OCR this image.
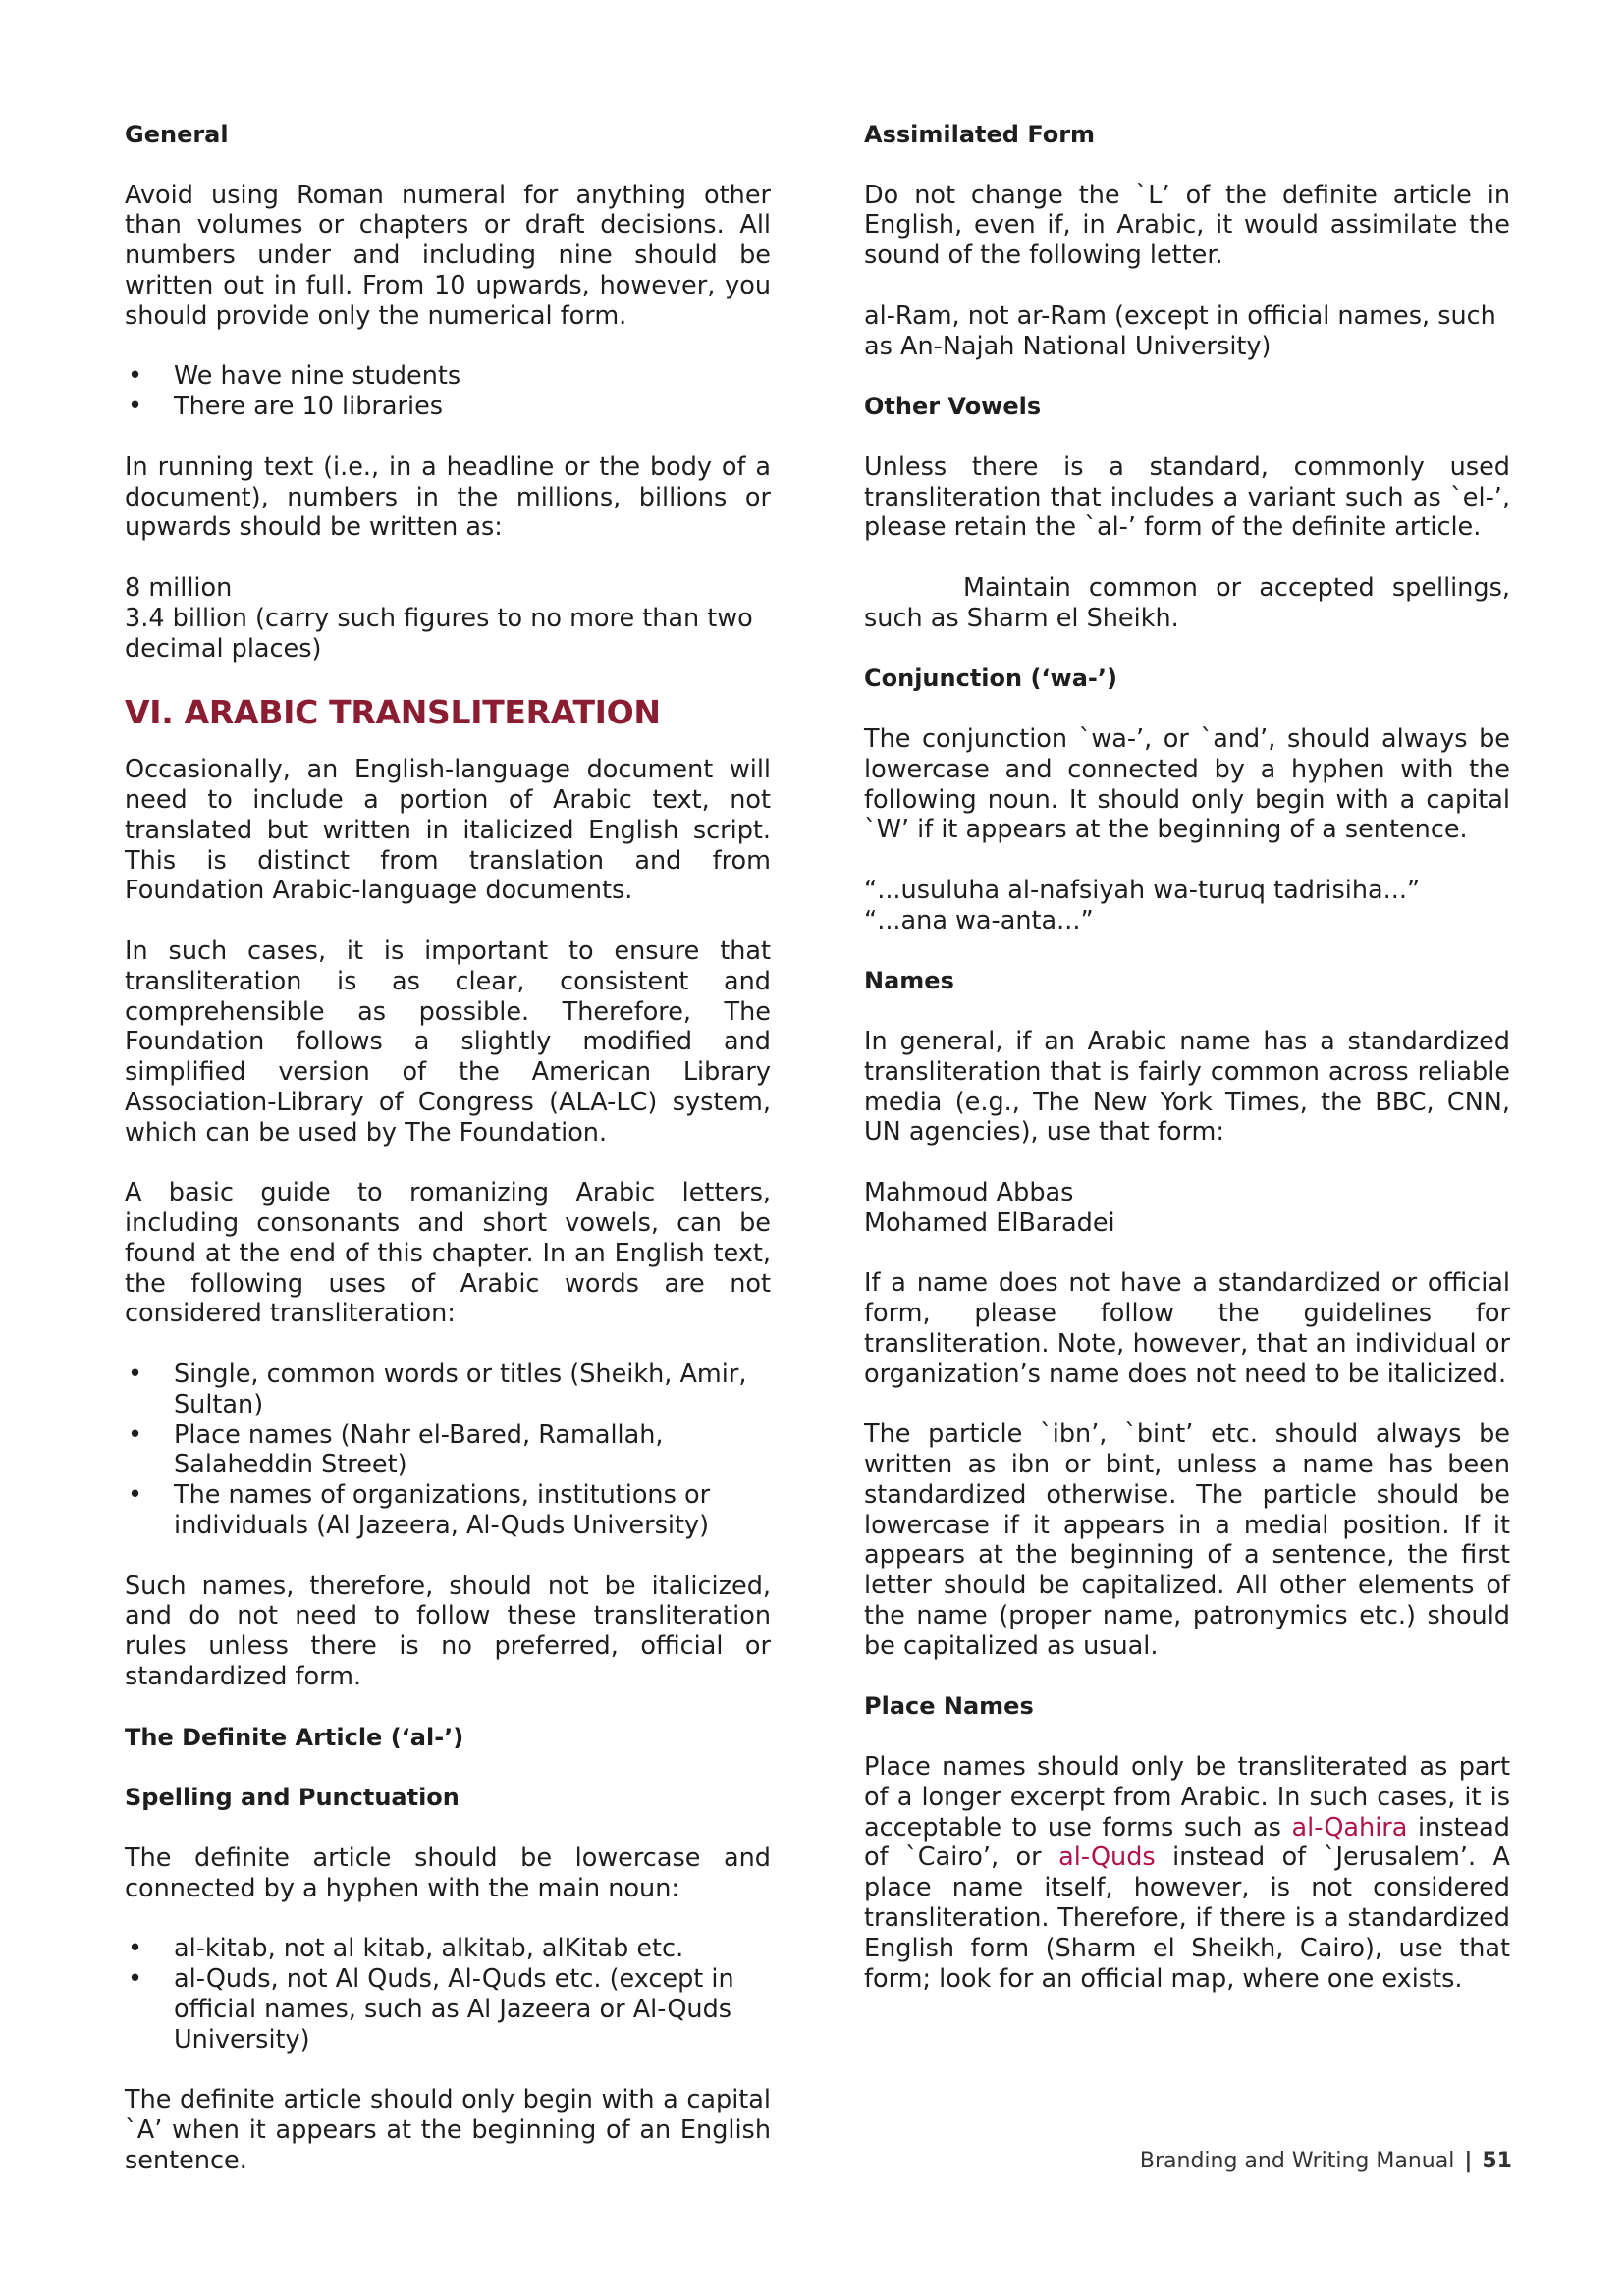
General

Avoid using Roman numeral for anything other than volumes or chapters or draft decisions. All numbers under and including nine should be written out in full. From 10 upwards, however, you should provide only the numerical form.

• We have nine students
• There are 10 libraries

In running text (i.e., in a headline or the body of a document), numbers in the millions, billions or upwards should be written as:

8 million
3.4 billion (carry such figures to no more than two decimal places)

VI. ARABIC TRANSLITERATION

Occasionally, an English-language document will need to include a portion of Arabic text, not translated but written in italicized English script. This is distinct from translation and from Foundation Arabic-language documents.

In such cases, it is important to ensure that transliteration is as clear, consistent and comprehensible as possible. Therefore, The Foundation follows a slightly modified and simplified version of the American Library Association-Library of Congress (ALA-LC) system, which can be used by The Foundation.

A basic guide to romanizing Arabic letters, including consonants and short vowels, can be found at the end of this chapter. In an English text, the following uses of Arabic words are not considered transliteration:

• Single, common words or titles (Sheikh, Amir, Sultan)
• Place names (Nahr el-Bared, Ramallah, Salaheddin Street)
• The names of organizations, institutions or individuals (Al Jazeera, Al-Quds University)

Such names, therefore, should not be italicized, and do not need to follow these transliteration rules unless there is no preferred, official or standardized form.

The Definite Article (‘al-’)
Spelling and Punctuation

The definite article should be lowercase and connected by a hyphen with the main noun:

• al-kitab, not al kitab, alkitab, alKitab etc.
• al-Quds, not Al Quds, Al-Quds etc. (except in official names, such as Al Jazeera or Al-Quds University)

The definite article should only begin with a capital `A’ when it appears at the beginning of an English sentence.

Assimilated Form

Do not change the `L’ of the definite article in English, even if, in Arabic, it would assimilate the sound of the following letter.

al-Ram, not ar-Ram (except in official names, such as An-Najah National University)

Other Vowels

Unless there is a standard, commonly used transliteration that includes a variant such as `el-’, please retain the `al-’ form of the definite article.

Maintain common or accepted spellings, such as Sharm el Sheikh.

Conjunction (‘wa-’)

The conjunction `wa-’, or `and’, should always be lowercase and connected by a hyphen with the following noun. It should only begin with a capital `W’ if it appears at the beginning of a sentence.

“...usuluha al-nafsiyah wa-turuq tadrisiha...”
“...ana wa-anta...”

Names

In general, if an Arabic name has a standardized transliteration that is fairly common across reliable media (e.g., The New York Times, the BBC, CNN, UN agencies), use that form:

Mahmoud Abbas
Mohamed ElBaradei

If a name does not have a standardized or official form, please follow the guidelines for transliteration. Note, however, that an individual or organization’s name does not need to be italicized.

The particle `ibn’, `bint’ etc. should always be written as ibn or bint, unless a name has been standardized otherwise. The particle should be lowercase if it appears in a medial position. If it appears at the beginning of a sentence, the first letter should be capitalized. All other elements of the name (proper name, patronymics etc.) should be capitalized as usual.

Place Names

Place names should only be transliterated as part of a longer excerpt from Arabic. In such cases, it is acceptable to use forms such as al-Qahira instead of `Cairo’, or al-Quds instead of `Jerusalem’. A place name itself, however, is not considered transliteration. Therefore, if there is a standardized English form (Sharm el Sheikh, Cairo), use that form; look for an official map, where one exists.

Branding and Writing Manual | 51
